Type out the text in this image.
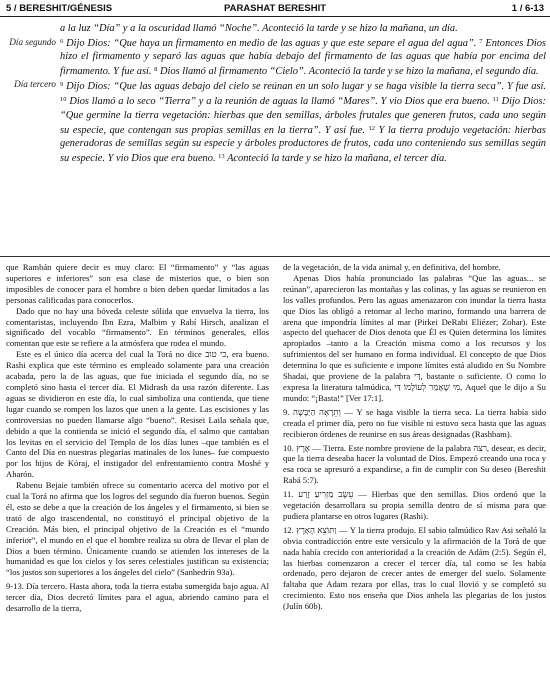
5 / BERESHIT/GÉNESIS	PARASHAT BERESHIT	1 / 6-13
a la luz “Día” y a la oscuridad llamó “Noche”. Aconteció la tarde y se hizo la mañana, un día.
Día segundo $^6$ Dijo Dios: “Que haya un firmamento en medio de las aguas y que este separe el agua del agua”. $^7$ Entonces Dios hizo el firmamento y separó las aguas que había debajo del firmamento de las aguas que había por encima del firmamento. Y fue así. $^8$ Dios llamó al firmamento “Cielo”. Aconteció la tarde y se hizo la mañana, el segundo día.
Día tercero $^9$ Dijo Dios: “Que las aguas debajo del cielo se reúnan en un solo lugar y se haga visible la tierra seca”. Y fue así. $^{10}$ Dios llamó a lo seco “Tierra” y a la reunión de aguas la llamó “Mares”. Y vio Dios que era bueno. $^{11}$ Dijo Dios: “Que germine la tierra vegetación: hierbas que den semillas, árboles frutales que generen frutos, cada uno según su especie, que contengan sus propias semillas en la tierra”. Y así fue. $^{12}$ Y la tierra produjo vegetación: hierbas generadoras de semillas según su especie y árboles productores de frutos, cada uno conteniendo sus semillas según su especie. Y vio Dios que era bueno. $^{13}$ Aconteció la tarde y se hizo la mañana, el tercer día.

que Rambán quiere decir es muy claro: El “firmamento” y “las aguas superiores e inferiores” son esa clase de misterios que, o bien son imposibles de conocer para el hombre o bien deben quedar limitados a las personas calificadas para conocerlos.

Dado que no hay una bóveda celeste sólida que envuelva la tierra, los comentaristas, incluyendo Ibn Ezra, Malbim y Rabí Hirsch, analizan el significado del vocablo “firmamento”. En términos generales, ellos comentan que este se refiere a la atmósfera que rodea el mundo.

Este es el único día acerca del cual la Torá no dice כי טוב, era bueno. Rashi explica que este término es empleado solamente para una creación acabada, pero la de las aguas, que fue iniciada el segundo día, no se completó sino hasta el tercer día. El Midrash da una razón diferente. Las aguas se dividieron en este día, lo cual simboliza una contienda, que tiene lugar cuando se rompen los lazos que unen a la gente. Las escisiones y las controversias no pueden llamarse algo “bueno”. Resisei Laila señala que, debido a que la contienda se inició el segundo día, el salmo que cantaban los levitas en el servicio del Templo de los días lunes –que también es el Canto del Día en nuestras plegarias matinales de los lunes– fue compuesto por los hijos de Kóraj, el instigador del enfrentamiento contra Moshé y Aharón.

Rabenu Bejaie también ofrece su comentario acerca del motivo por el cual la Torá no afirma que los logros del segundo día fueron buenos. Según él, esto se debe a que la creación de los ángeles y el firmamento, si bien se trató de algo trascendental, no constituyó el principal objetivo de la Creación. Más bien, el principal objetivo de la Creación es el “mundo inferior”, el mundo en el que el hombre realiza su obra de llevar el plan de Dios a buen término. Únicamente cuando se atienden los intereses de la humanidad es que los cielos y los seres celestiales justifican su existencia; “los justos son superiores a los ángeles del cielo” (Sanhedrín 93a).

9-13. Día tercero. Hasta ahora, toda la tierra estaba sumergida bajo agua. Al tercer día, Dios decretó límites para el agua, abriendo camino para el desarrollo de la tierra,

de la vegetación, de la vida animal y, en definitiva, del hombre.

Apenas Dios había pronunciado las palabras “Que las aguas... se reúnan”, aparecieron las montañas y las colinas, y las aguas se reunieron en los valles profundos. Pero las aguas amenazaron con inundar la tierra hasta que Dios las obligó a retornar al lecho marino, formando una barrera de arena que impondría límites al mar (Pirkei DeRabi Eliézer; Zohar). Este aspecto del quehacer de Dios denota que Él es Quien determina los límites apropiados –tanto a la Creación misma como a los recursos y los sufrimientos del ser humano en forma individual. El concepto de que Dios determina lo que es suficiente e impone límites está aludido en Su Nombre Shadai, que proviene de la palabra דַּי, bastante o suficiente. O como lo expresa la literatura talmúdica, מִי שֶׁאָמַר לְעוֹלָמוֹ דַּי, Aquel que le dijo a Su mundo: “¡Basta!” [Ver 17:1].

9. וְתֵרָאֶה הַיַּבָּשָׁה — Y se haga visible la tierra seca. La tierra había sido creada el primer día, pero no fue visible ni estuvo seca hasta que las aguas recibieron órdenes de reunirse en sus áreas designadas (Rashbam).

10. אֶרֶץ — Tierra. Este nombre proviene de la palabra רצה, desear, es decir, que la tierra deseaba hacer la voluntad de Dios. Empezó creando una roca y esa roca se apresuró a expandirse, a fin de cumplir con Su deseo (Bereshit Rabá 5:7).

11. עֵשֶׂב מַזְרִיעַ זֶרַע — Hierbas que den semillas. Dios ordenó que la vegetación desarrollara su propia semilla dentro de sí misma para que pudiera plantarse en otros lugares (Rashi).

12. וַתּוֹצֵא הָאָרֶץ — Y la tierra produjo. El sabio talmúdico Rav Asi señaló la obvia contradicción entre este versículo y la afirmación de la Torá de que nada había crecido con anterioridad a la creación de Adám (2:5). Según él, las hierbas comenzaron a crecer el tercer día, tal como se les había ordenado, pero dejaron de crecer antes de emerger del suelo. Solamente faltaba que Adam rezara por ellas, tras lo cual llovió y se completó su crecimiento. Esto nos enseña que Dios anhela las plegarias de los justos (Julín 60b).
